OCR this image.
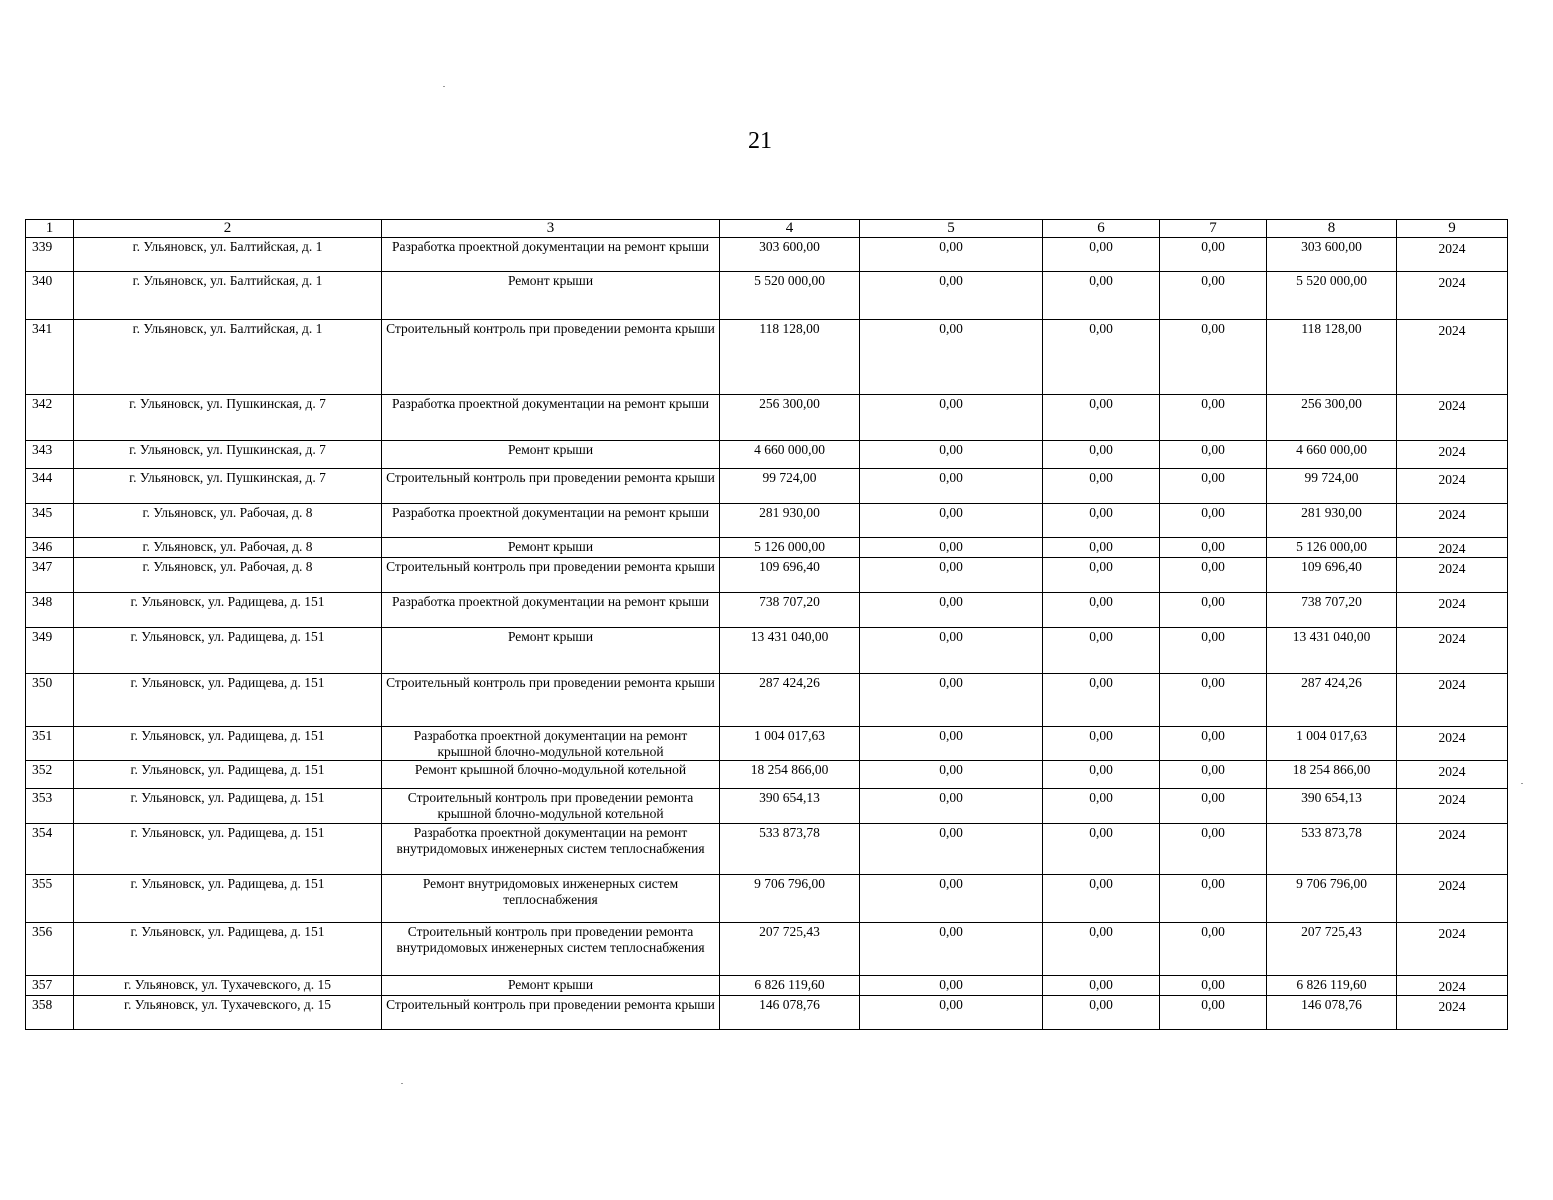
21
1	2	3	4	5	6	7	8	9
339	г. Ульяновск, ул. Балтийская, д. 1	Разработка проектной документации на ремонт крыши	303 600,00	0,00	0,00	0,00	303 600,00	2024
340	г. Ульяновск, ул. Балтийская, д. 1	Ремонт крыши	5 520 000,00	0,00	0,00	0,00	5 520 000,00	2024
341	г. Ульяновск, ул. Балтийская, д. 1	Строительный контроль при проведении ремонта крыши	118 128,00	0,00	0,00	0,00	118 128,00	2024
342	г. Ульяновск, ул. Пушкинская, д. 7	Разработка проектной документации на ремонт крыши	256 300,00	0,00	0,00	0,00	256 300,00	2024
343	г. Ульяновск, ул. Пушкинская, д. 7	Ремонт крыши	4 660 000,00	0,00	0,00	0,00	4 660 000,00	2024
344	г. Ульяновск, ул. Пушкинская, д. 7	Строительный контроль при проведении ремонта крыши	99 724,00	0,00	0,00	0,00	99 724,00	2024
345	г. Ульяновск, ул. Рабочая, д. 8	Разработка проектной документации на ремонт крыши	281 930,00	0,00	0,00	0,00	281 930,00	2024
346	г. Ульяновск, ул. Рабочая, д. 8	Ремонт крыши	5 126 000,00	0,00	0,00	0,00	5 126 000,00	2024
347	г. Ульяновск, ул. Рабочая, д. 8	Строительный контроль при проведении ремонта крыши	109 696,40	0,00	0,00	0,00	109 696,40	2024
348	г. Ульяновск, ул. Радищева, д. 151	Разработка проектной документации на ремонт крыши	738 707,20	0,00	0,00	0,00	738 707,20	2024
349	г. Ульяновск, ул. Радищева, д. 151	Ремонт крыши	13 431 040,00	0,00	0,00	0,00	13 431 040,00	2024
350	г. Ульяновск, ул. Радищева, д. 151	Строительный контроль при проведении ремонта крыши	287 424,26	0,00	0,00	0,00	287 424,26	2024
351	г. Ульяновск, ул. Радищева, д. 151	Разработка проектной документации на ремонт крышной блочно-модульной котельной	1 004 017,63	0,00	0,00	0,00	1 004 017,63	2024
352	г. Ульяновск, ул. Радищева, д. 151	Ремонт крышной блочно-модульной котельной	18 254 866,00	0,00	0,00	0,00	18 254 866,00	2024
353	г. Ульяновск, ул. Радищева, д. 151	Строительный контроль при проведении ремонта крышной блочно-модульной котельной	390 654,13	0,00	0,00	0,00	390 654,13	2024
354	г. Ульяновск, ул. Радищева, д. 151	Разработка проектной документации на ремонт внутридомовых инженерных систем теплоснабжения	533 873,78	0,00	0,00	0,00	533 873,78	2024
355	г. Ульяновск, ул. Радищева, д. 151	Ремонт внутридомовых инженерных систем теплоснабжения	9 706 796,00	0,00	0,00	0,00	9 706 796,00	2024
356	г. Ульяновск, ул. Радищева, д. 151	Строительный контроль при проведении ремонта внутридомовых инженерных систем теплоснабжения	207 725,43	0,00	0,00	0,00	207 725,43	2024
357	г. Ульяновск, ул. Тухачевского, д. 15	Ремонт крыши	6 826 119,60	0,00	0,00	0,00	6 826 119,60	2024
358	г. Ульяновск, ул. Тухачевского, д. 15	Строительный контроль при проведении ремонта крыши	146 078,76	0,00	0,00	0,00	146 078,76	2024
